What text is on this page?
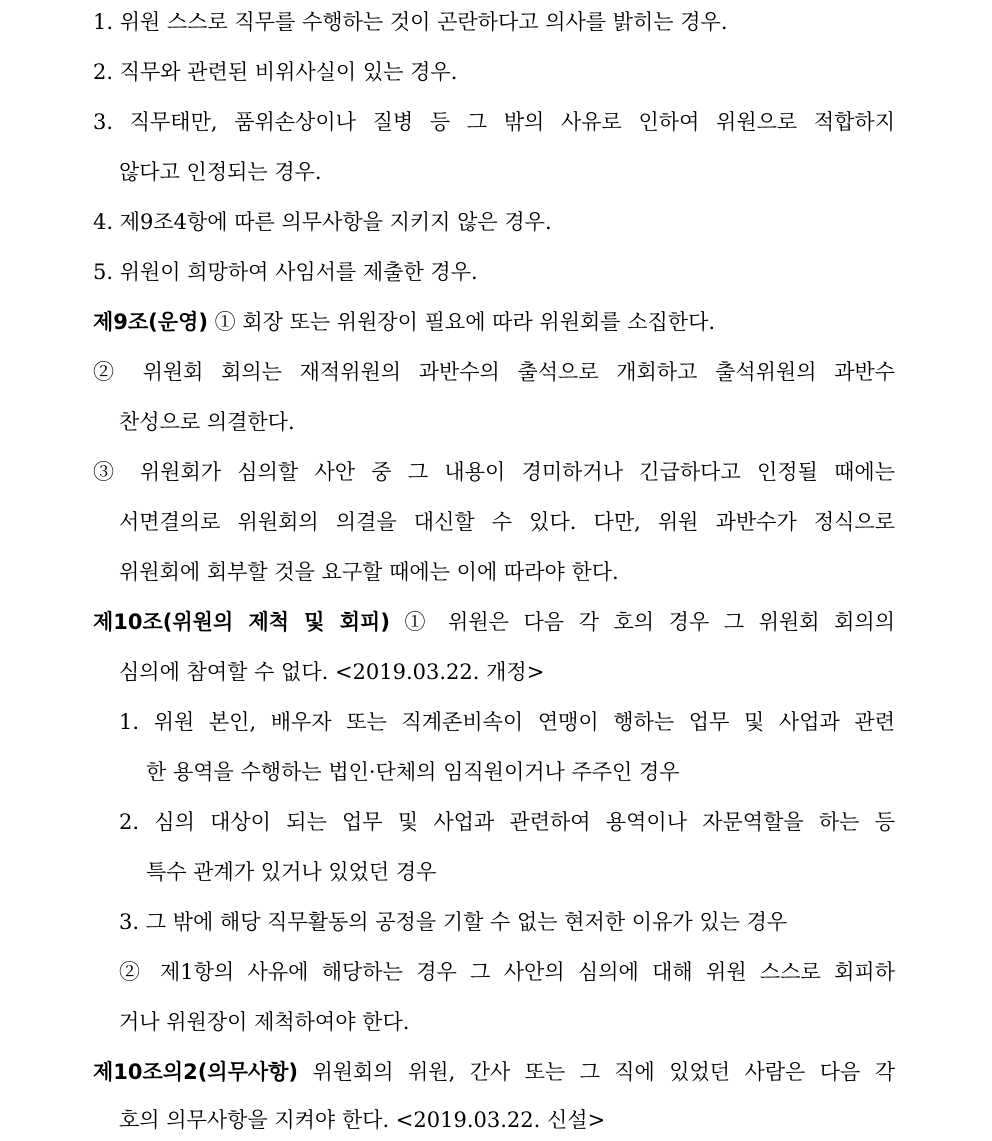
1. 위원 스스로 직무를 수행하는 것이 곤란하다고 의사를 밝히는 경우.
2. 직무와 관련된 비위사실이 있는 경우.
3. 직무태만, 품위손상이나 질병 등 그 밖의 사유로 인하여 위원으로 적합하지
않다고 인정되는 경우.
4. 제9조4항에 따른 의무사항을 지키지 않은 경우.
5. 위원이 희망하여 사임서를 제출한 경우.
제9조(운영) ① 회장 또는 위원장이 필요에 따라 위원회를 소집한다.
② 위원회 회의는 재적위원의 과반수의 출석으로 개회하고 출석위원의 과반수
찬성으로 의결한다.
③ 위원회가 심의할 사안 중 그 내용이 경미하거나 긴급하다고 인정될 때에는
서면결의로 위원회의 의결을 대신할 수 있다. 다만, 위원 과반수가 정식으로
위원회에 회부할 것을 요구할 때에는 이에 따라야 한다.
제10조(위원의 제척 및 회피) ① 위원은 다음 각 호의 경우 그 위원회 회의의
심의에 참여할 수 없다. <2019.03.22. 개정>
1. 위원 본인, 배우자 또는 직계존비속이 연맹이 행하는 업무 및 사업과 관련
한 용역을 수행하는 법인·단체의 임직원이거나 주주인 경우
2. 심의 대상이 되는 업무 및 사업과 관련하여 용역이나 자문역할을 하는 등
특수 관계가 있거나 있었던 경우
3. 그 밖에 해당 직무활동의 공정을 기할 수 없는 현저한 이유가 있는 경우
② 제1항의 사유에 해당하는 경우 그 사안의 심의에 대해 위원 스스로 회피하
거나 위원장이 제척하여야 한다.
제10조의2(의무사항) 위원회의 위원, 간사 또는 그 직에 있었던 사람은 다음 각
호의 의무사항을 지켜야 한다. <2019.03.22. 신설>
